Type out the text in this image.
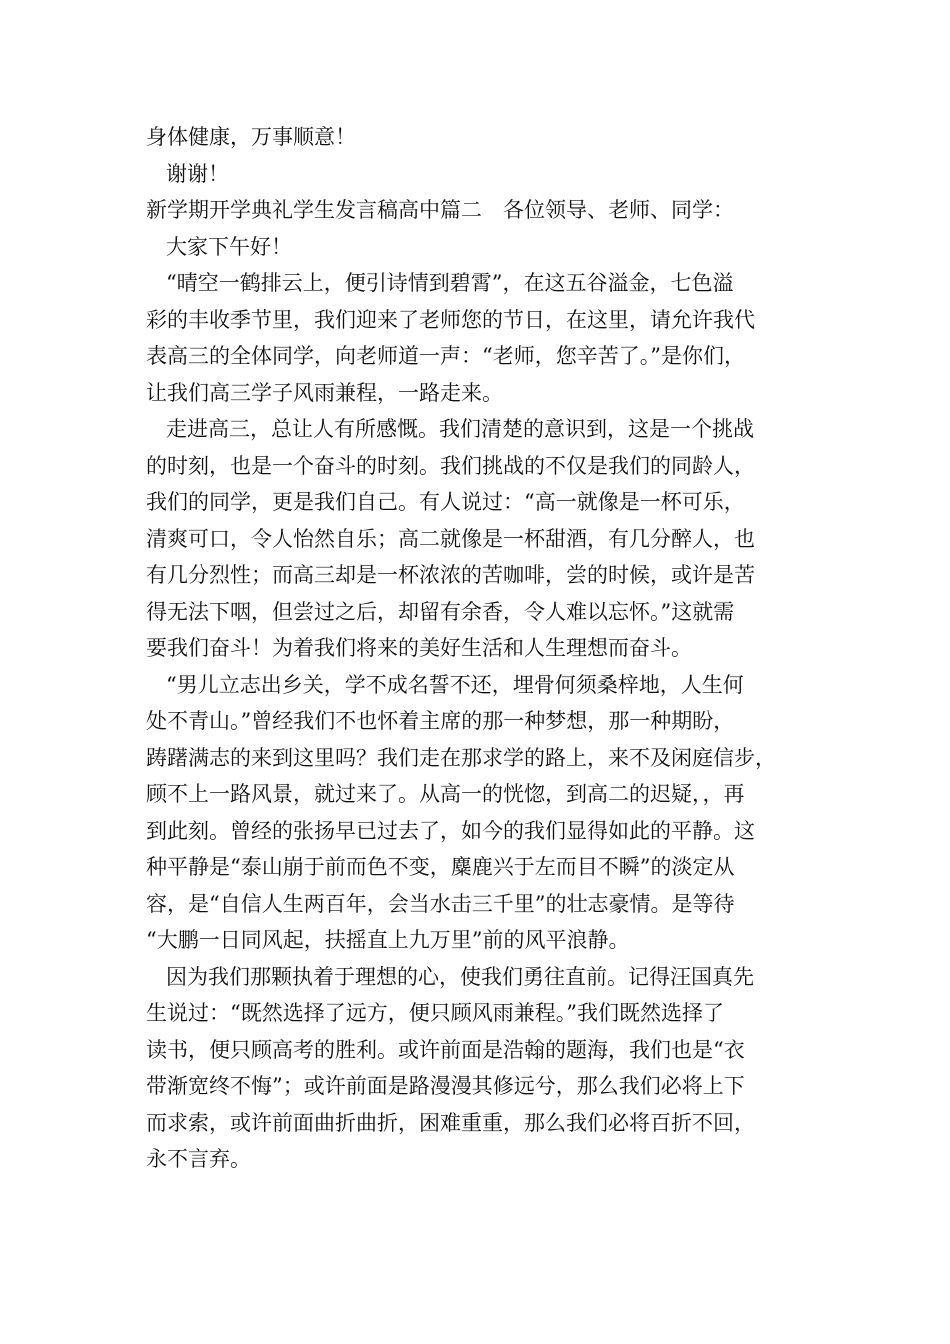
身体健康，万事顺意！
谢谢！
新学期开学典礼学生发言稿高中篇二　各位领导、老师、同学：
大家下午好！
“晴空一鹤排云上，便引诗情到碧霄”，在这五谷溢金，七色溢
彩的丰收季节里，我们迎来了老师您的节日，在这里，请允许我代
表高三的全体同学，向老师道一声：“老师，您辛苦了。”是你们，
让我们高三学子风雨兼程，一路走来。
走进高三，总让人有所感慨。我们清楚的意识到，这是一个挑战
的时刻，也是一个奋斗的时刻。我们挑战的不仅是我们的同龄人，
我们的同学，更是我们自己。有人说过：“高一就像是一杯可乐，
清爽可口，令人怡然自乐；高二就像是一杯甜酒，有几分醉人，也
有几分烈性；而高三却是一杯浓浓的苦咖啡，尝的时候，或许是苦
得无法下咽，但尝过之后，却留有余香，令人难以忘怀。”这就需
要我们奋斗！为着我们将来的美好生活和人生理想而奋斗。
“男儿立志出乡关，学不成名誓不还，埋骨何须桑梓地，人生何
处不青山。”曾经我们不也怀着主席的那一种梦想，那一种期盼，
踌躇满志的来到这里吗？我们走在那求学的路上，来不及闲庭信步，
顾不上一路风景，就过来了。从高一的恍惚，到高二的迟疑，，再
到此刻。曾经的张扬早已过去了，如今的我们显得如此的平静。这
种平静是“泰山崩于前而色不变，麋鹿兴于左而目不瞬”的淡定从
容，是“自信人生两百年，会当水击三千里”的壮志豪情。是等待
“大鹏一日同风起，扶摇直上九万里”前的风平浪静。
因为我们那颗执着于理想的心，使我们勇往直前。记得汪国真先
生说过：“既然选择了远方，便只顾风雨兼程。”我们既然选择了
读书，便只顾高考的胜利。或许前面是浩翰的题海，我们也是“衣
带渐宽终不悔”；或许前面是路漫漫其修远兮，那么我们必将上下
而求索，或许前面曲折曲折，困难重重，那么我们必将百折不回，
永不言弃。
